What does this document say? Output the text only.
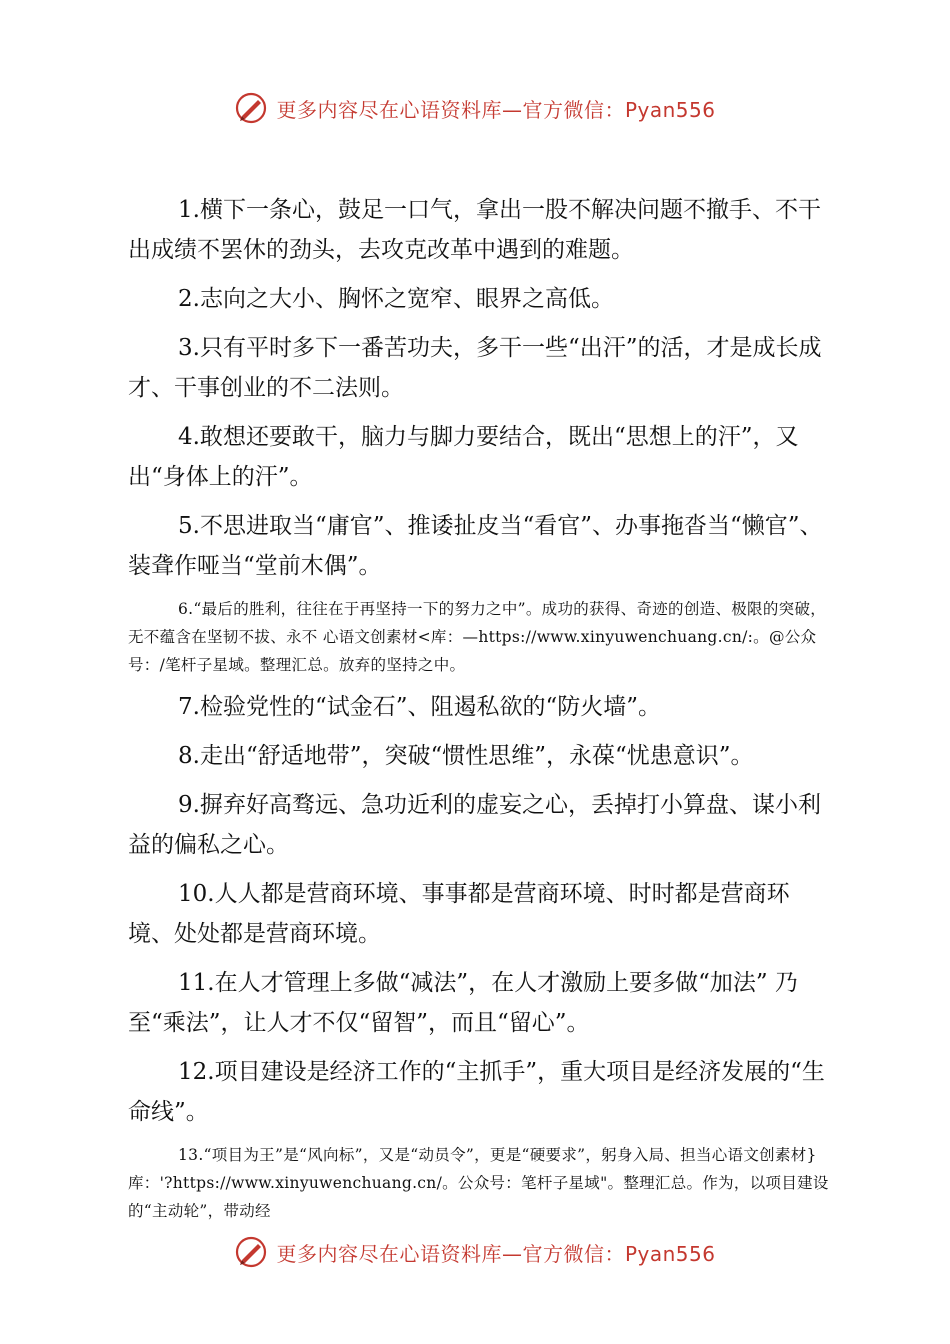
更多内容尽在心语资料库—官方微信：Pyan556

1.横下一条心，鼓足一口气，拿出一股不解决问题不撤手、不干出成绩不罢休的劲头，去攻克改革中遇到的难题。

2.志向之大小、胸怀之宽窄、眼界之高低。

3.只有平时多下一番苦功夫，多干一些“出汗”的活，才是成长成才、干事创业的不二法则。

4.敢想还要敢干，脑力与脚力要结合，既出“思想上的汗”，又出“身体上的汗”。

5.不思进取当“庸官”、推诿扯皮当“看官”、办事拖沓当“懒官”、装聋作哑当“堂前木偶”。

6.“最后的胜利，往往在于再坚持一下的努力之中”。成功的获得、奇迹的创造、极限的突破，无不蕴含在坚韧不拔、永不 心语文创素材<库：—https://www.xinyuwenchuang.cn/:。@公众号：/笔杆子星域。整理汇总。放弃的坚持之中。

7.检验党性的“试金石”、阻遏私欲的“防火墙”。

8.走出“舒适地带”，突破“惯性思维”，永葆“忧患意识”。

9.摒弃好高骛远、急功近利的虚妄之心，丢掉打小算盘、谋小利益的偏私之心。

10.人人都是营商环境、事事都是营商环境、时时都是营商环境、处处都是营商环境。

11.在人才管理上多做“减法”，在人才激励上要多做“加法” 乃至“乘法”，让人才不仅“留智”，而且“留心”。

12.项目建设是经济工作的“主抓手”，重大项目是经济发展的“生命线”。

13.“项目为王”是“风向标”，又是“动员令”，更是“硬要求”，躬身入局、担当心语文创素材}库：'?https://www.xinyuwenchuang.cn/。公众号：笔杆子星域"。整理汇总。作为，以项目建设的“主动轮”，带动经

更多内容尽在心语资料库—官方微信：Pyan556
